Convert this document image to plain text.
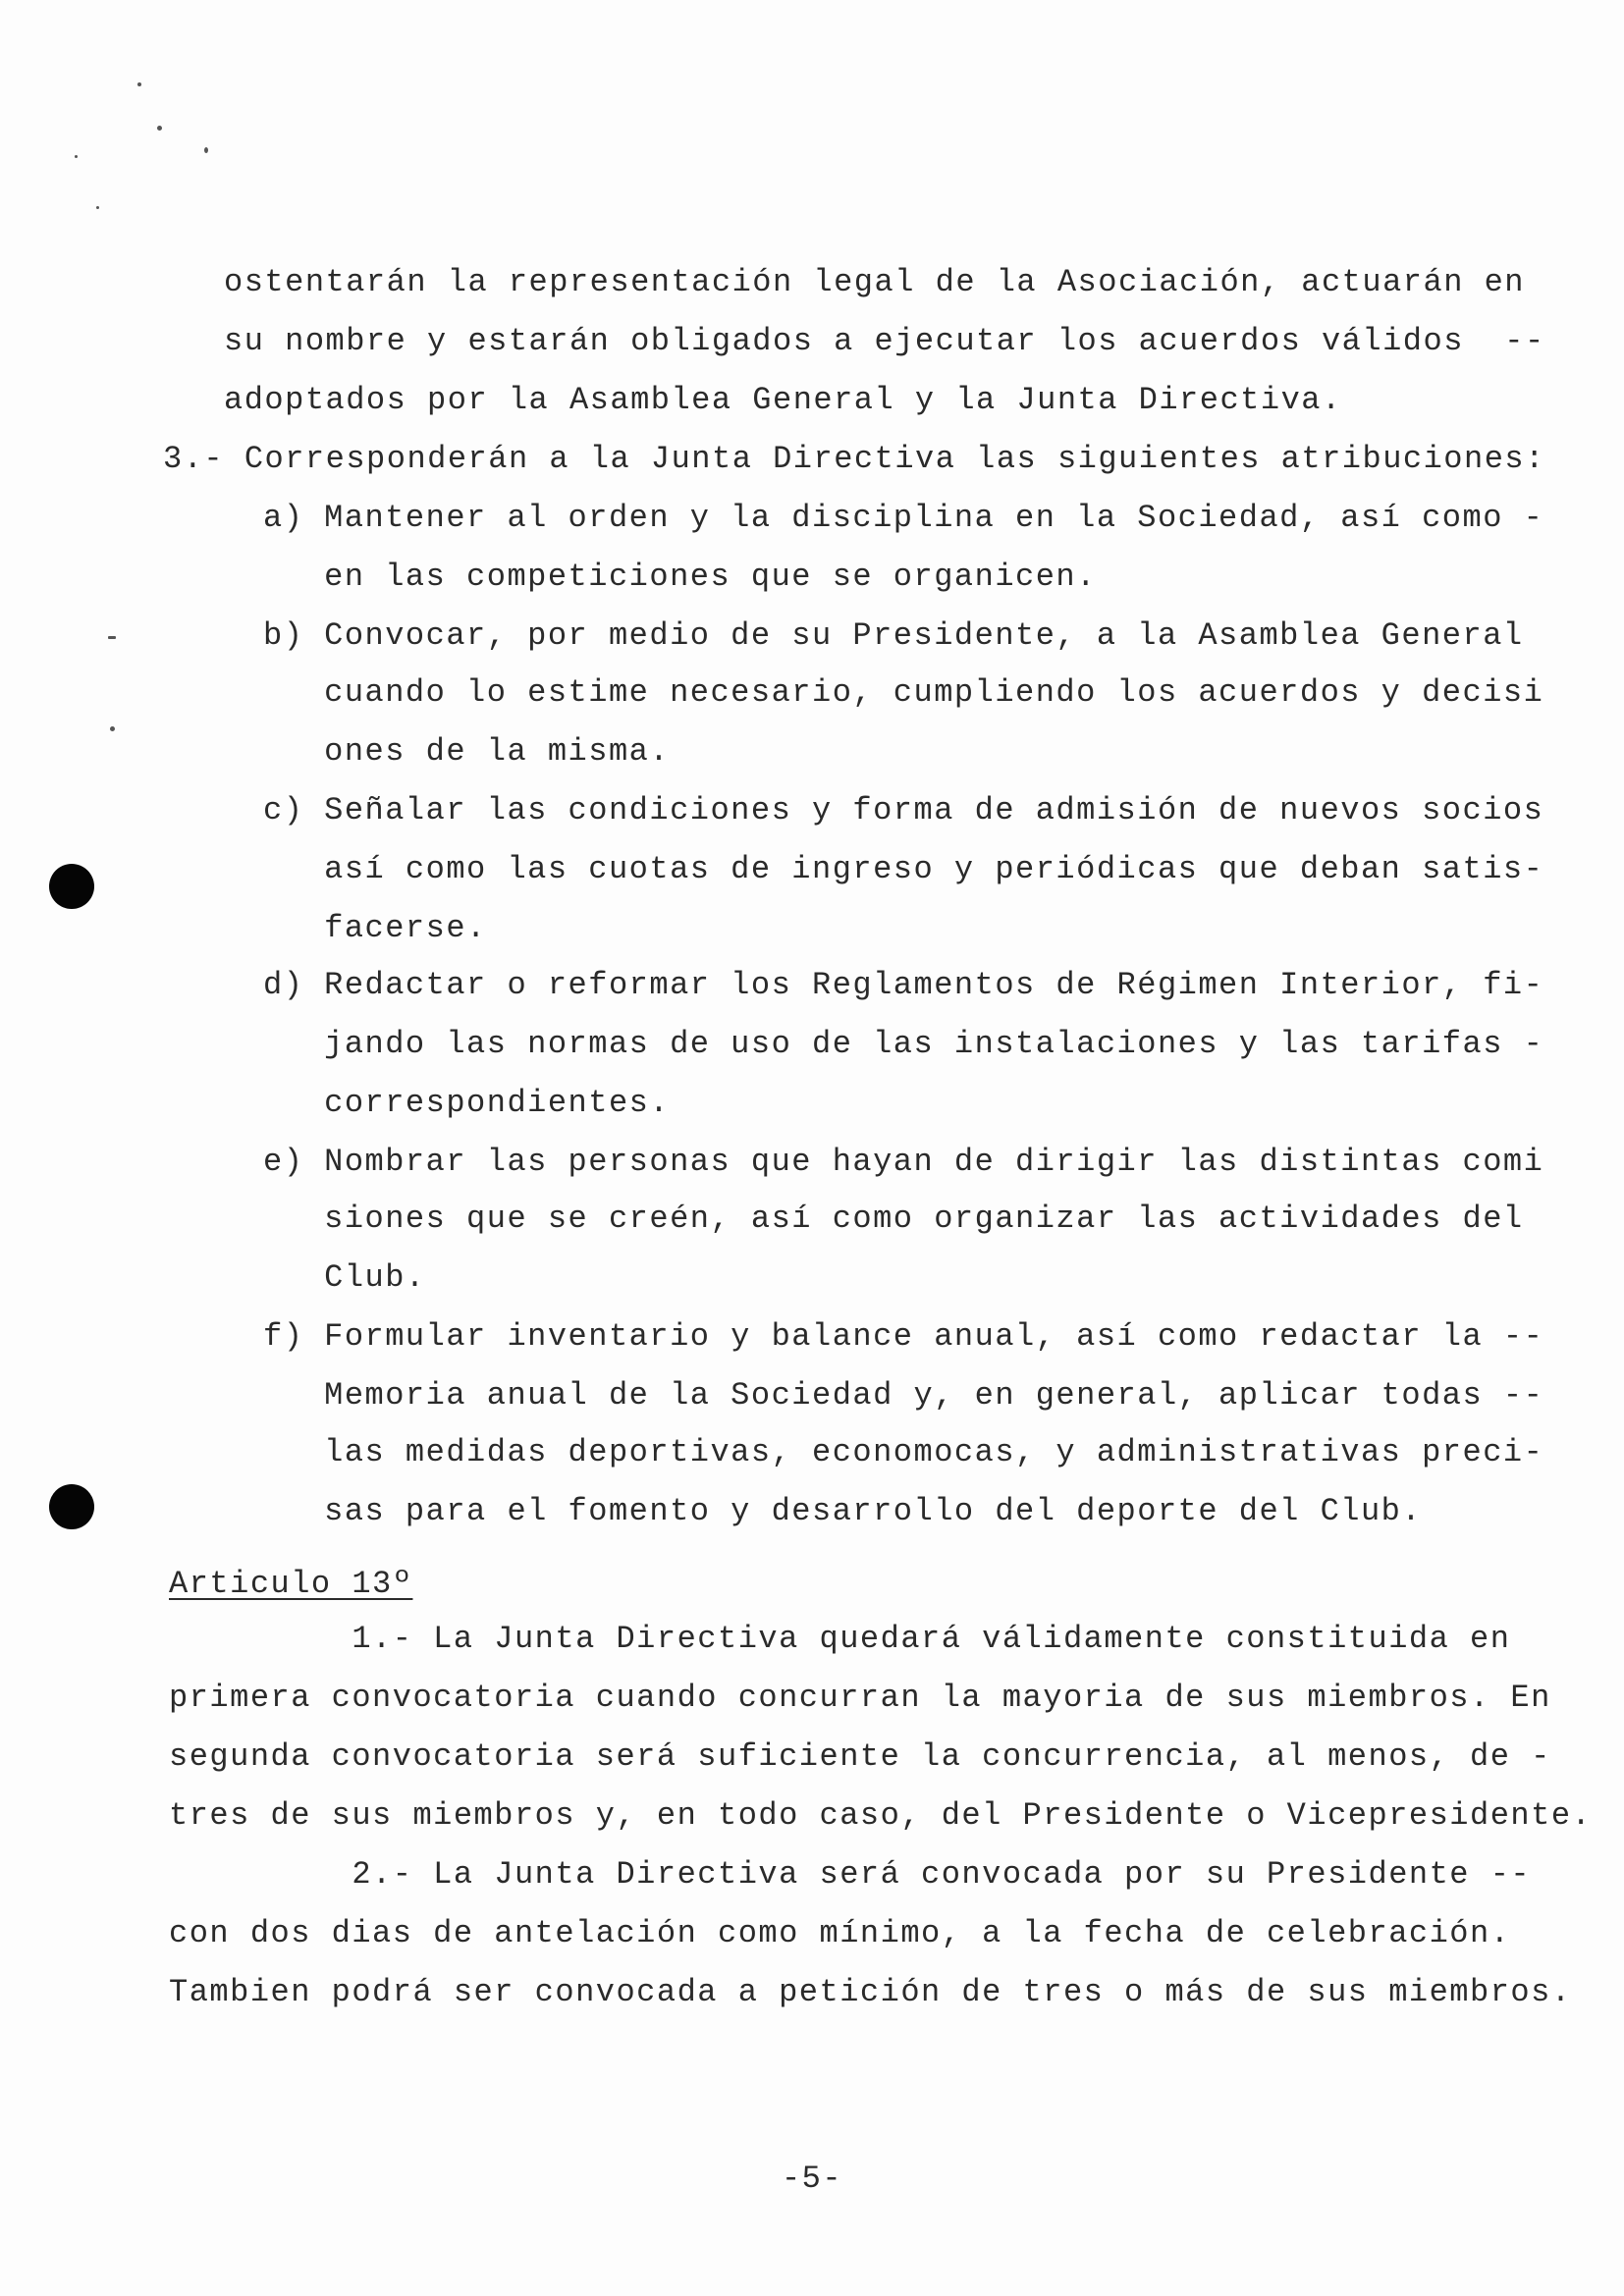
ostentarán la representación legal de la Asociación, actuarán en
su nombre y estarán obligados a ejecutar los acuerdos válidos  --
adoptados por la Asamblea General y la Junta Directiva.
3.- Corresponderán a la Junta Directiva las siguientes atribuciones:
a) Mantener al orden y la disciplina en la Sociedad, así como -
en las competiciones que se organicen.
b) Convocar, por medio de su Presidente, a la Asamblea General
cuando lo estime necesario, cumpliendo los acuerdos y decisi
ones de la misma.
c) Señalar las condiciones y forma de admisión de nuevos socios
así como las cuotas de ingreso y periódicas que deban satis-
facerse.
d) Redactar o reformar los Reglamentos de Régimen Interior, fi-
jando las normas de uso de las instalaciones y las tarifas -
correspondientes.
e) Nombrar las personas que hayan de dirigir las distintas comi
siones que se creén, así como organizar las actividades del
Club.
f) Formular inventario y balance anual, así como redactar la --
Memoria anual de la Sociedad y, en general, aplicar todas --
las medidas deportivas, economocas, y administrativas preci-
sas para el fomento y desarrollo del deporte del Club.
Articulo 13º
1.- La Junta Directiva quedará válidamente constituida en
primera convocatoria cuando concurran la mayoria de sus miembros. En
segunda convocatoria será suficiente la concurrencia, al menos, de -
tres de sus miembros y, en todo caso, del Presidente o Vicepresidente.
2.- La Junta Directiva será convocada por su Presidente --
con dos dias de antelación como mínimo, a la fecha de celebración.
Tambien podrá ser convocada a petición de tres o más de sus miembros.
-5-
